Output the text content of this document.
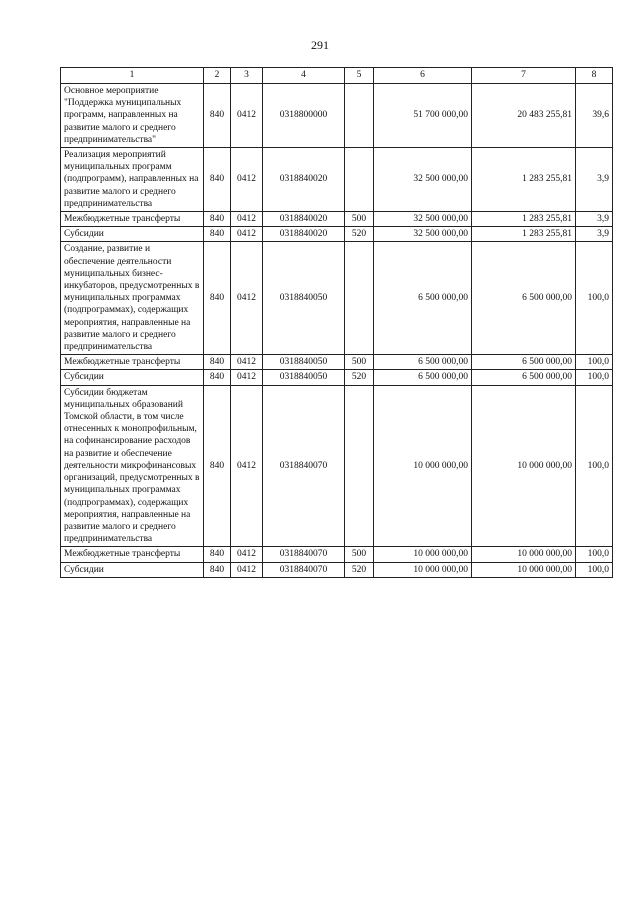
291
1	2	3	4	5	6	7	8
Основное мероприятие "Поддержка муниципальных программ, направленных на развитие малого и среднего предпринимательства"	840	0412	0318800000		51 700 000,00	20 483 255,81	39,6
Реализация мероприятий муниципальных программ (подпрограмм), направленных на развитие малого и среднего предпринимательства	840	0412	0318840020		32 500 000,00	1 283 255,81	3,9
Межбюджетные трансферты	840	0412	0318840020	500	32 500 000,00	1 283 255,81	3,9
Субсидии	840	0412	0318840020	520	32 500 000,00	1 283 255,81	3,9
Создание, развитие и обеспечение деятельности муниципальных бизнес-инкубаторов, предусмотренных в муниципальных программах (подпрограммах), содержащих мероприятия, направленные на развитие малого и среднего предпринимательства	840	0412	0318840050		6 500 000,00	6 500 000,00	100,0
Межбюджетные трансферты	840	0412	0318840050	500	6 500 000,00	6 500 000,00	100,0
Субсидии	840	0412	0318840050	520	6 500 000,00	6 500 000,00	100,0
Субсидии бюджетам муниципальных образований Томской области, в том числе отнесенных к монопрофильным, на софинансирование расходов на развитие и обеспечение деятельности микрофинансовых организаций, предусмотренных в муниципальных программах (подпрограммах), содержащих мероприятия, направленные на развитие малого и среднего предпринимательства	840	0412	0318840070		10 000 000,00	10 000 000,00	100,0
Межбюджетные трансферты	840	0412	0318840070	500	10 000 000,00	10 000 000,00	100,0
Субсидии	840	0412	0318840070	520	10 000 000,00	10 000 000,00	100,0
